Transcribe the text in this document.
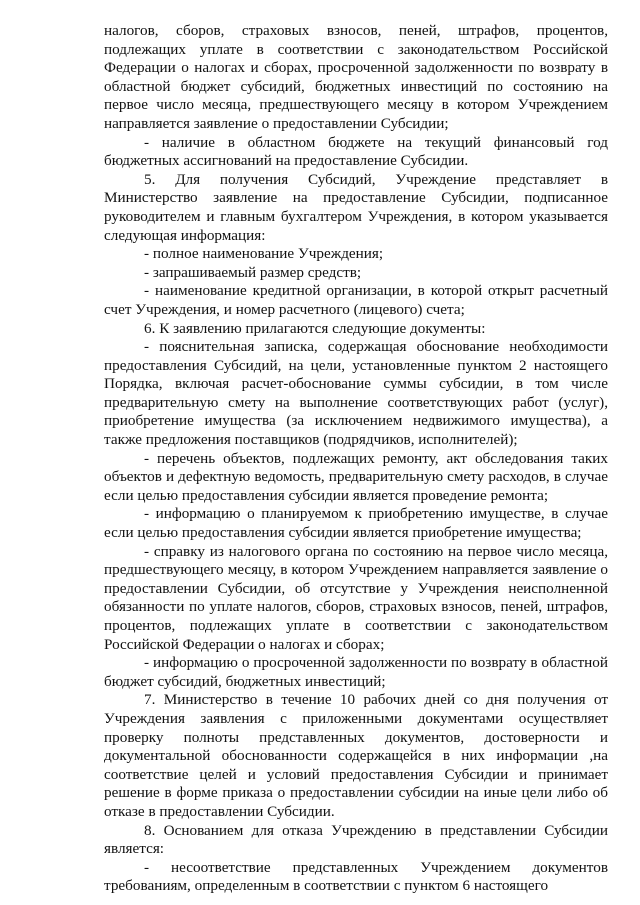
налогов, сборов, страховых взносов, пеней, штрафов, процентов, подлежащих уплате в соответствии с законодательством Российской Федерации о налогах и сборах, просроченной задолженности по возврату в областной бюджет субсидий, бюджетных инвестиций по состоянию на первое число месяца, предшествующего месяцу в котором Учреждением направляется заявление о предоставлении Субсидии;

- наличие в областном бюджете на текущий финансовый год бюджетных ассигнований на предоставление Субсидии.

5. Для получения Субсидий, Учреждение представляет в Министерство заявление на предоставление Субсидии, подписанное руководителем и главным бухгалтером Учреждения, в котором указывается следующая информация:

- полное наименование Учреждения;

- запрашиваемый размер средств;

- наименование кредитной организации, в которой открыт расчетный счет Учреждения, и номер расчетного (лицевого) счета;

6. К заявлению прилагаются следующие документы:

- пояснительная записка, содержащая обоснование необходимости предоставления Субсидий, на цели, установленные пунктом 2 настоящего Порядка, включая расчет-обоснование суммы субсидии, в том числе предварительную смету на выполнение соответствующих работ (услуг), приобретение имущества (за исключением недвижимого имущества), а также предложения поставщиков (подрядчиков, исполнителей);

- перечень объектов, подлежащих ремонту, акт обследования таких объектов и дефектную ведомость, предварительную смету расходов, в случае если целью предоставления субсидии является проведение ремонта;

- информацию о планируемом к приобретению имуществе, в случае если целью предоставления субсидии является приобретение имущества;

- справку из налогового органа по состоянию на первое число месяца, предшествующего месяцу, в котором Учреждением направляется заявление о предоставлении Субсидии, об отсутствие у Учреждения неисполненной обязанности по уплате налогов, сборов, страховых взносов, пеней, штрафов, процентов, подлежащих уплате в соответствии с законодательством Российской Федерации о налогах и сборах;

- информацию о просроченной задолженности по возврату в областной бюджет субсидий, бюджетных инвестиций;

7. Министерство в течение 10 рабочих дней со дня получения от Учреждения заявления с приложенными документами осуществляет проверку полноты представленных документов, достоверности и документальной обоснованности содержащейся в них информации ,на соответствие целей и условий предоставления Субсидии и принимает решение в форме приказа о предоставлении субсидии на иные цели либо об отказе в предоставлении Субсидии.

8. Основанием для отказа Учреждению в представлении Субсидии является:

- несоответствие представленных Учреждением документов требованиям, определенным в соответствии с пунктом 6 настоящего
